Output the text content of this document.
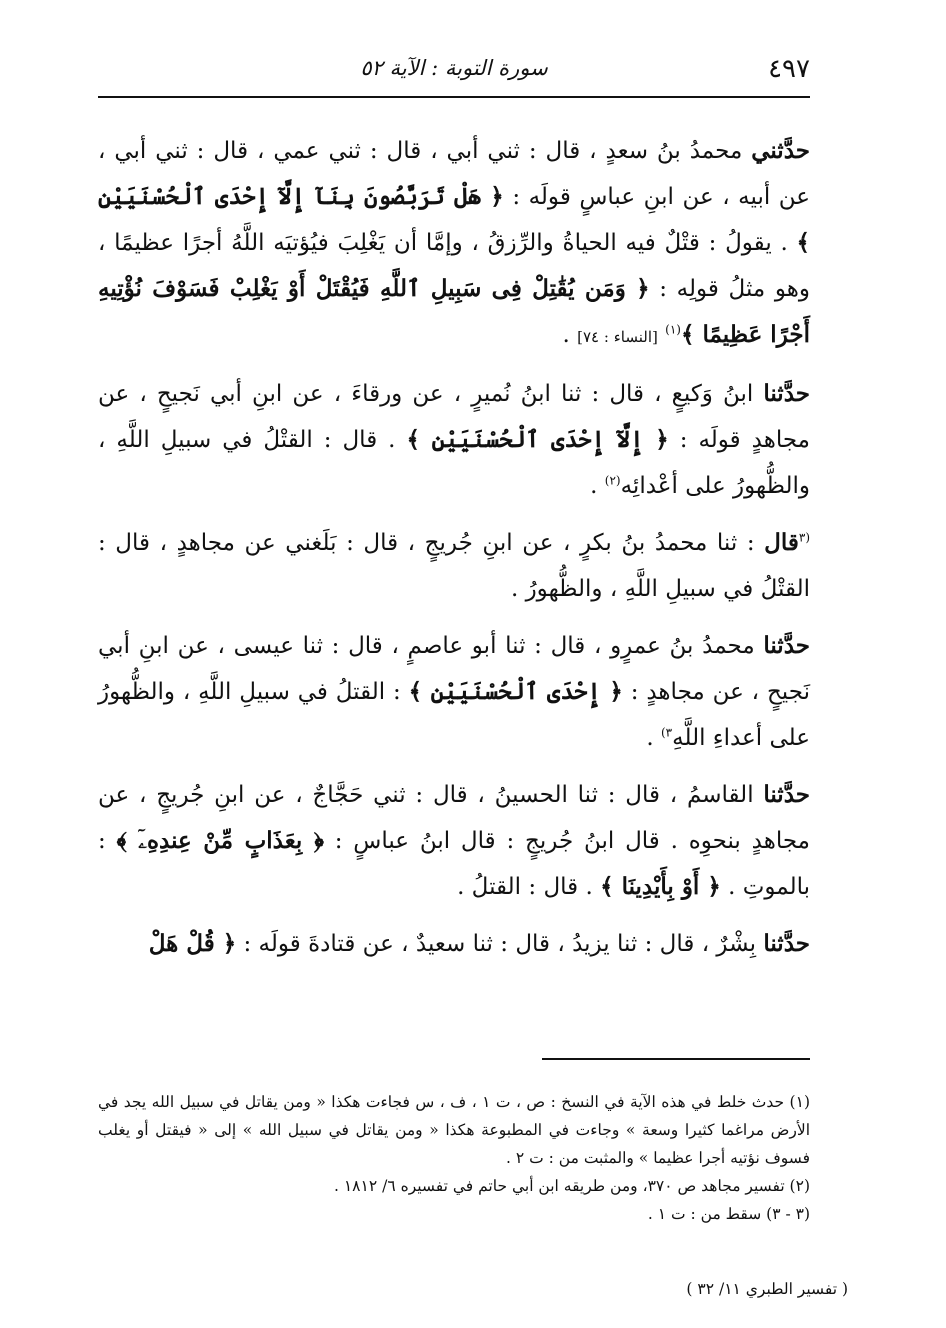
٤٩٧
سورة التوبة : الآية ٥٢

حدَّثني محمدُ بنُ سعدٍ ، قال : ثني أبي ، قال : ثني عمي ، قال : ثني أبي ، عن أبيه ، عن ابنِ عباسٍ قولَه : ﴿ هَلْ تَرَبَّصُونَ بِنَآ إِلَّآ إِحْدَى ٱلْحُسْنَيَيْنِ ﴾ . يقولُ : قتْلٌ فيه الحياةُ والرِّزقُ ، وإمَّا أن يَغْلِبَ فيُؤتيَه اللَّهُ أجرًا عظيمًا ، وهو مثلُ قولِه : ﴿ وَمَن يُقَٰتِلْ فِى سَبِيلِ ٱللَّهِ فَيُقْتَلْ أَوْ يَغْلِبْ فَسَوْفَ نُؤْتِيهِ أَجْرًا عَظِيمًا ﴾$^{(١)}$ [النساء : ٧٤] .

حدَّثنا ابنُ وَكيعٍ ، قال : ثنا ابنُ نُميرٍ ، عن ورقاءَ ، عن ابنِ أبي نَجيحٍ ، عن مجاهدٍ قولَه : ﴿ إِلَّآ إِحْدَى ٱلْحُسْنَيَيْنِ ﴾ . قال : القتْلُ في سبيلِ اللَّهِ ، والظُّهورُ على أعْدائِه$^{(٢)}$ .

$^{(٣}$قال : ثنا محمدُ بنُ بكرٍ ، عن ابنِ جُريجٍ ، قال : بَلَغني عن مجاهدٍ ، قال : القتْلُ في سبيلِ اللَّهِ ، والظُّهورُ .

حدَّثنا محمدُ بنُ عمرٍو ، قال : ثنا أبو عاصمٍ ، قال : ثنا عيسى ، عن ابنِ أبي نَجيحٍ ، عن مجاهدٍ : ﴿ إِحْدَى ٱلْحُسْنَيَيْنِ ﴾ : القتلُ في سبيلِ اللَّهِ ، والظُّهورُ على أعداءِ اللَّهِ$^{٣)}$ .

حدَّثنا القاسمُ ، قال : ثنا الحسينُ ، قال : ثني حَجَّاجٌ ، عن ابنِ جُريجٍ ، عن مجاهدٍ بنحوِه . قال ابنُ جُريجٍ : قال ابنُ عباسٍ : ﴿ بِعَذَابٍ مِّنْ عِندِهِۦٓ ﴾ : بالموتِ . ﴿ أَوْ بِأَيْدِينَا ﴾ . قال : القتلُ .

حدَّثنا بِشْرٌ ، قال : ثنا يزيدُ ، قال : ثنا سعيدٌ ، عن قتادةَ قولَه : ﴿ قُلْ هَلْ

(١) حدث خلط في هذه الآية في النسخ : ص ، ت ١ ، ف ، س فجاءت هكذا « ومن يقاتل في سبيل الله يجد في الأرض مراغما كثيرا وسعة » وجاءت في المطبوعة هكذا « ومن يقاتل في سبيل الله » إلى « فيقتل أو يغلب فسوف نؤتيه أجرا عظيما » والمثبت من : ت ٢ .

(٢) تفسير مجاهد ص ٣٧٠، ومن طريقه ابن أبي حاتم في تفسيره ٦/ ١٨١٢ .

(٣ - ٣) سقط من : ت ١ .

( تفسير الطبري ١١/ ٣٢ )
